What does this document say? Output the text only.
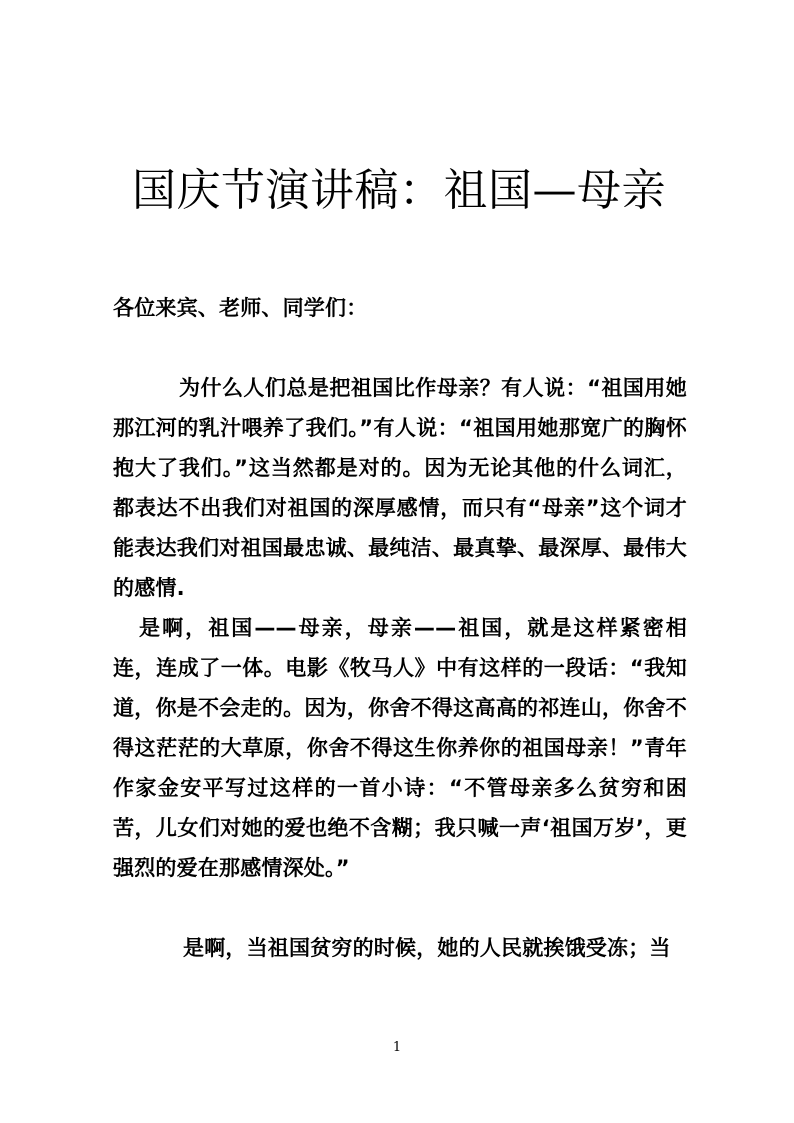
国庆节演讲稿：祖国—母亲

各位来宾、老师、同学们：

为什么人们总是把祖国比作母亲？有人说：“祖国用她那江河的乳汁喂养了我们。”有人说：“祖国用她那宽广的胸怀抱大了我们。”这当然都是对的。因为无论其他的什么词汇，都表达不出我们对祖国的深厚感情，而只有“母亲”这个词才能表达我们对祖国最忠诚、最纯洁、最真挚、最深厚、最伟大的感情.

是啊，祖国——母亲，母亲——祖国，就是这样紧密相连，连成了一体。电影《牧马人》中有这样的一段话：“我知道，你是不会走的。因为，你舍不得这高高的祁连山，你舍不得这茫茫的大草原，你舍不得这生你养你的祖国母亲！”青年作家金安平写过这样的一首小诗：“不管母亲多么贫穷和困苦，儿女们对她的爱也绝不含糊；我只喊一声‘祖国万岁’，更强烈的爱在那感情深处。”

是啊，当祖国贫穷的时候，她的人民就挨饿受冻；当

1
